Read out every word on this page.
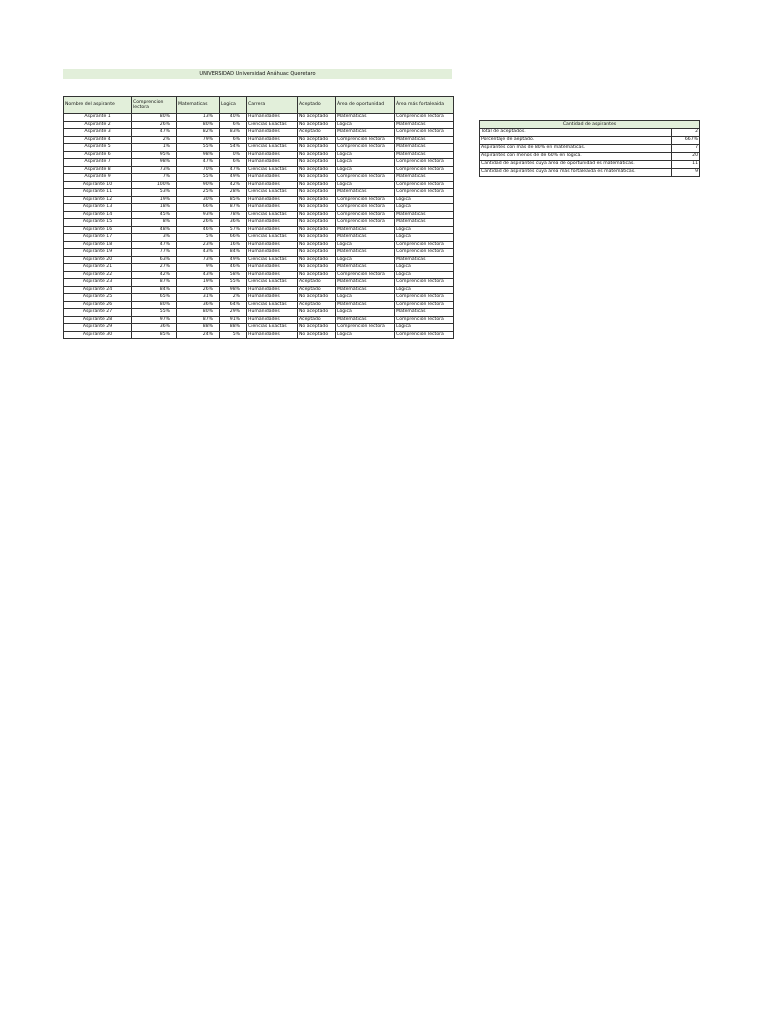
UNIVERSIDAD Universidad Anáhuac Queretaro
Nombre del aspirante	Comprencion lectora	Matematicas	Logica	Carrera	Aceptado	Área de oportunidad	Área más fortaleaida
Aspirante 1	80%	13%	40%	Humanidades	No aceptado	Matemáticas	Comprención lectora
Aspirante 2	26%	80%	6%	Ciencias Exactas	No aceptado	Lógica	Matemáticas
Aspirante 3	47%	82%	83%	Humanidades	Aceptado	Matemáticas	Comprención lectora
Aspirante 4	2%	79%	6%	Humanidades	No aceptado	Comprención lectora	Matemáticas
Aspirante 5	1%	55%	54%	Ciencias Exactas	No aceptado	Comprención lectora	Matemáticas
Aspirante 6	95%	98%	0%	Humanidades	No aceptado	Lógica	Matemáticas
Aspirante 7	98%	47%	6%	Humanidades	No aceptado	Lógica	Comprención lectora
Aspirante 8	73%	70%	47%	Ciencias Exactas	No aceptado	Lógica	Comprención lectora
Aspirante 9	7%	55%	49%	Humanidades	No aceptado	Comprención lectora	Matemáticas
Aspirante 10	100%	90%	42%	Humanidades	No aceptado	Lógica	Comprención lectora
Aspirante 11	53%	25%	28%	Ciencias Exactas	No aceptado	Matemáticas	Comprención lectora
Aspirante 12	19%	30%	85%	Humanidades	No aceptado	Comprención lectora	Lógica
Aspirante 13	18%	66%	87%	Humanidades	No aceptado	Comprención lectora	Lógica
Aspirante 14	45%	93%	78%	Ciencias Exactas	No aceptado	Comprención lectora	Matemáticas
Aspirante 15	8%	26%	36%	Humanidades	No aceptado	Comprención lectora	Matemáticas
Aspirante 16	48%	46%	57%	Humanidades	No aceptado	Matemáticas	Lógica
Aspirante 17	3%	5%	66%	Ciencias Exactas	No aceptado	Matemáticas	Lógica
Aspirante 18	47%	23%	16%	Humanidades	No aceptado	Lógica	Comprención lectora
Aspirante 19	77%	43%	84%	Humanidades	No aceptado	Matemáticas	Comprención lectora
Aspirante 20	63%	73%	49%	Ciencias Exactas	No aceptado	Lógica	Matemáticas
Aspirante 21	27%	9%	46%	Humanidades	No aceptado	Matemáticas	Lógica
Aspirante 22	42%	43%	58%	Humanidades	No aceptado	Comprención lectora	Lógica
Aspirante 23	87%	19%	55%	Ciencias Exactas	Aceptado	Matemáticas	Comprención lectora
Aspirante 24	84%	26%	98%	Humanidades	Aceptado	Matemáticas	Lógica
Aspirante 25	65%	31%	2%	Humanidades	No aceptado	Lógica	Comprención lectora
Aspirante 26	80%	36%	64%	Ciencias Exactas	Aceptado	Matemáticas	Comprención lectora
Aspirante 27	55%	80%	29%	Humanidades	No aceptado	Lógica	Matemáticas
Aspirante 28	97%	87%	91%	Humanidades	Aceptado	Matemáticas	Comprención lectora
Aspirante 29	36%	88%	88%	Ciencias Exactas	No aceptado	Comprención lectora	Lógica
Aspirante 30	85%	24%	5%	Humanidades	No aceptado	Lógica	Comprención lectora
Cantidad de aspirantes	
Total de aceptados.	2
Porcentaje de aeptado.	667%
Aspirantes con más de 80% en matématicas.	7
Aspirantes con menos de de 60% en logica.	20
Cantidad de aspirantes cuya área de oportunidad es matemáticas.	11
Cantidad de aspirantes cuya área más fortaleaida es matemáticas.	9
